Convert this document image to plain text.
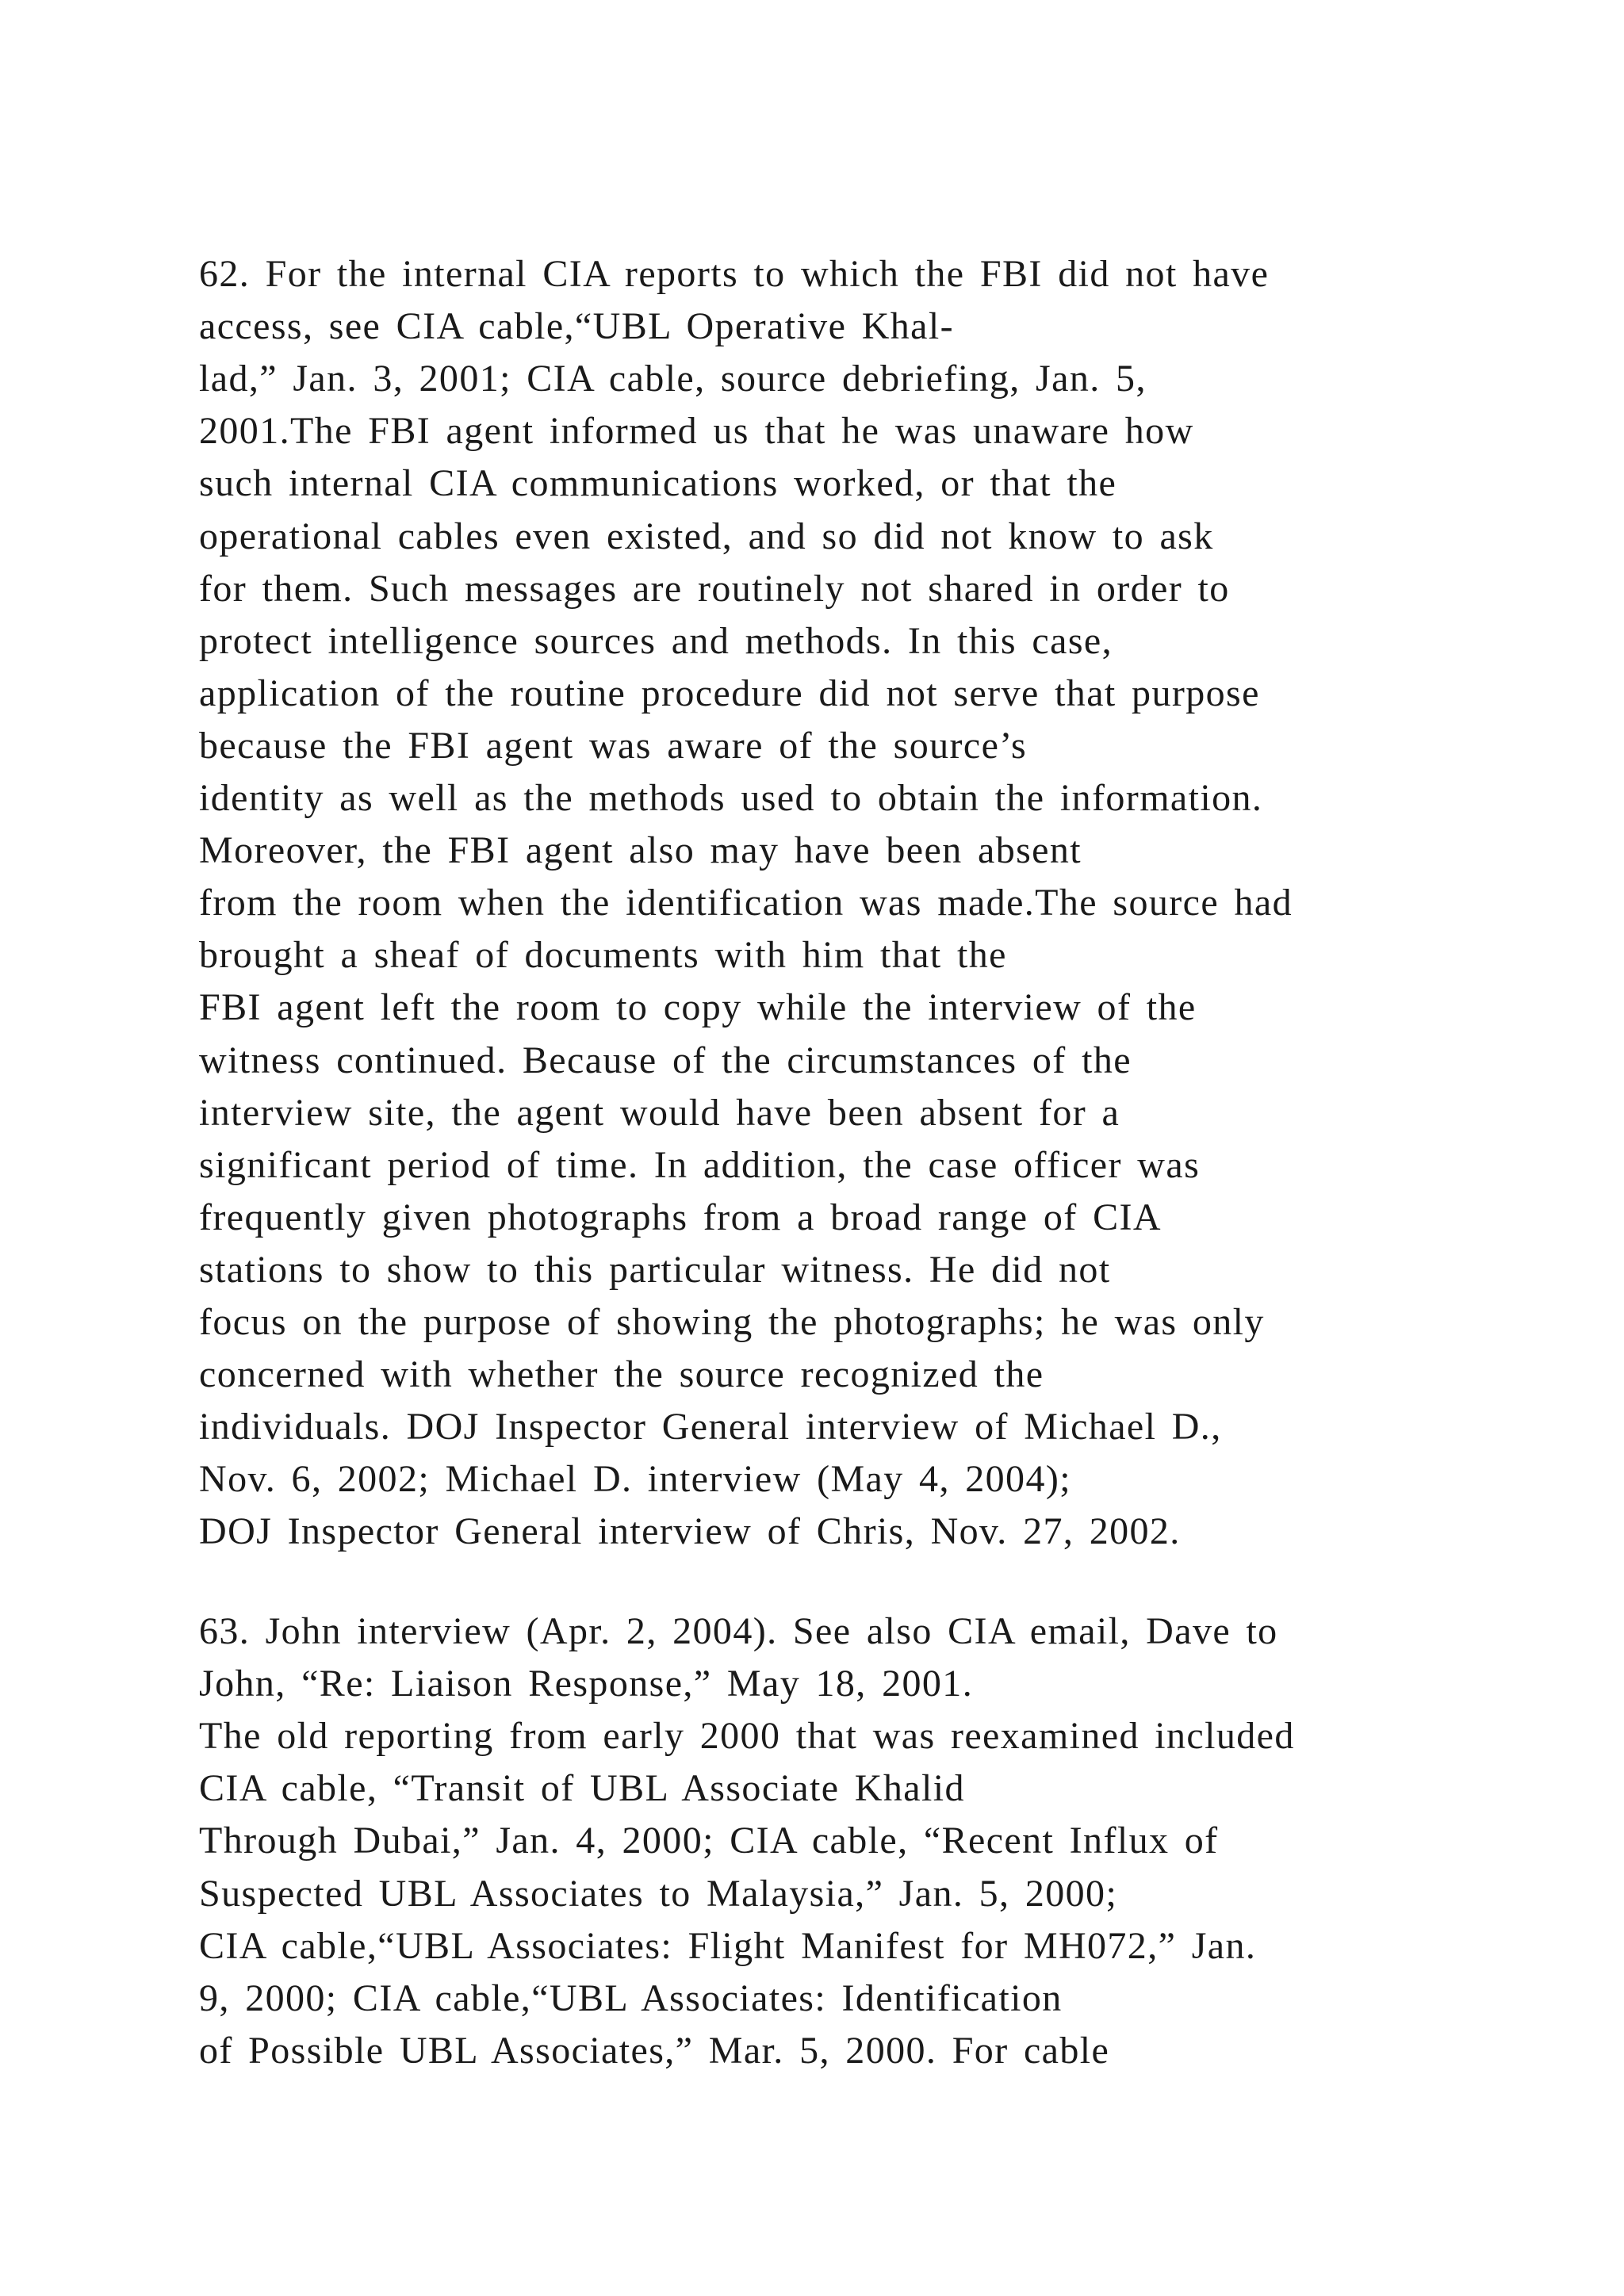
62. For the internal CIA reports to which the FBI did not have
access, see CIA cable,“UBL Operative Khal-
lad,” Jan. 3, 2001; CIA cable, source debriefing, Jan. 5,
2001.The FBI agent informed us that he was unaware how
such internal CIA communications worked, or that the
operational cables even existed, and so did not know to ask
for them. Such messages are routinely not shared in order to
protect intelligence sources and methods. In this case,
application of the routine procedure did not serve that purpose
because the FBI agent was aware of the source’s
identity as well as the methods used to obtain the information.
Moreover, the FBI agent also may have been absent
from the room when the identification was made.The source had
brought a sheaf of documents with him that the
FBI agent left the room to copy while the interview of the
witness continued. Because of the circumstances of the
interview site, the agent would have been absent for a
significant period of time. In addition, the case officer was
frequently given photographs from a broad range of CIA
stations to show to this particular witness. He did not
focus on the purpose of showing the photographs; he was only
concerned with whether the source recognized the
individuals. DOJ Inspector General interview of Michael D.,
Nov. 6, 2002; Michael D. interview (May 4, 2004);
DOJ Inspector General interview of Chris, Nov. 27, 2002.
63. John interview (Apr. 2, 2004). See also CIA email, Dave to
John, “Re: Liaison Response,” May 18, 2001.
The old reporting from early 2000 that was reexamined included
CIA cable, “Transit of UBL Associate Khalid
Through Dubai,” Jan. 4, 2000; CIA cable, “Recent Influx of
Suspected UBL Associates to Malaysia,” Jan. 5, 2000;
CIA cable,“UBL Associates: Flight Manifest for MH072,” Jan.
9, 2000; CIA cable,“UBL Associates: Identification
of Possible UBL Associates,” Mar. 5, 2000. For cable
